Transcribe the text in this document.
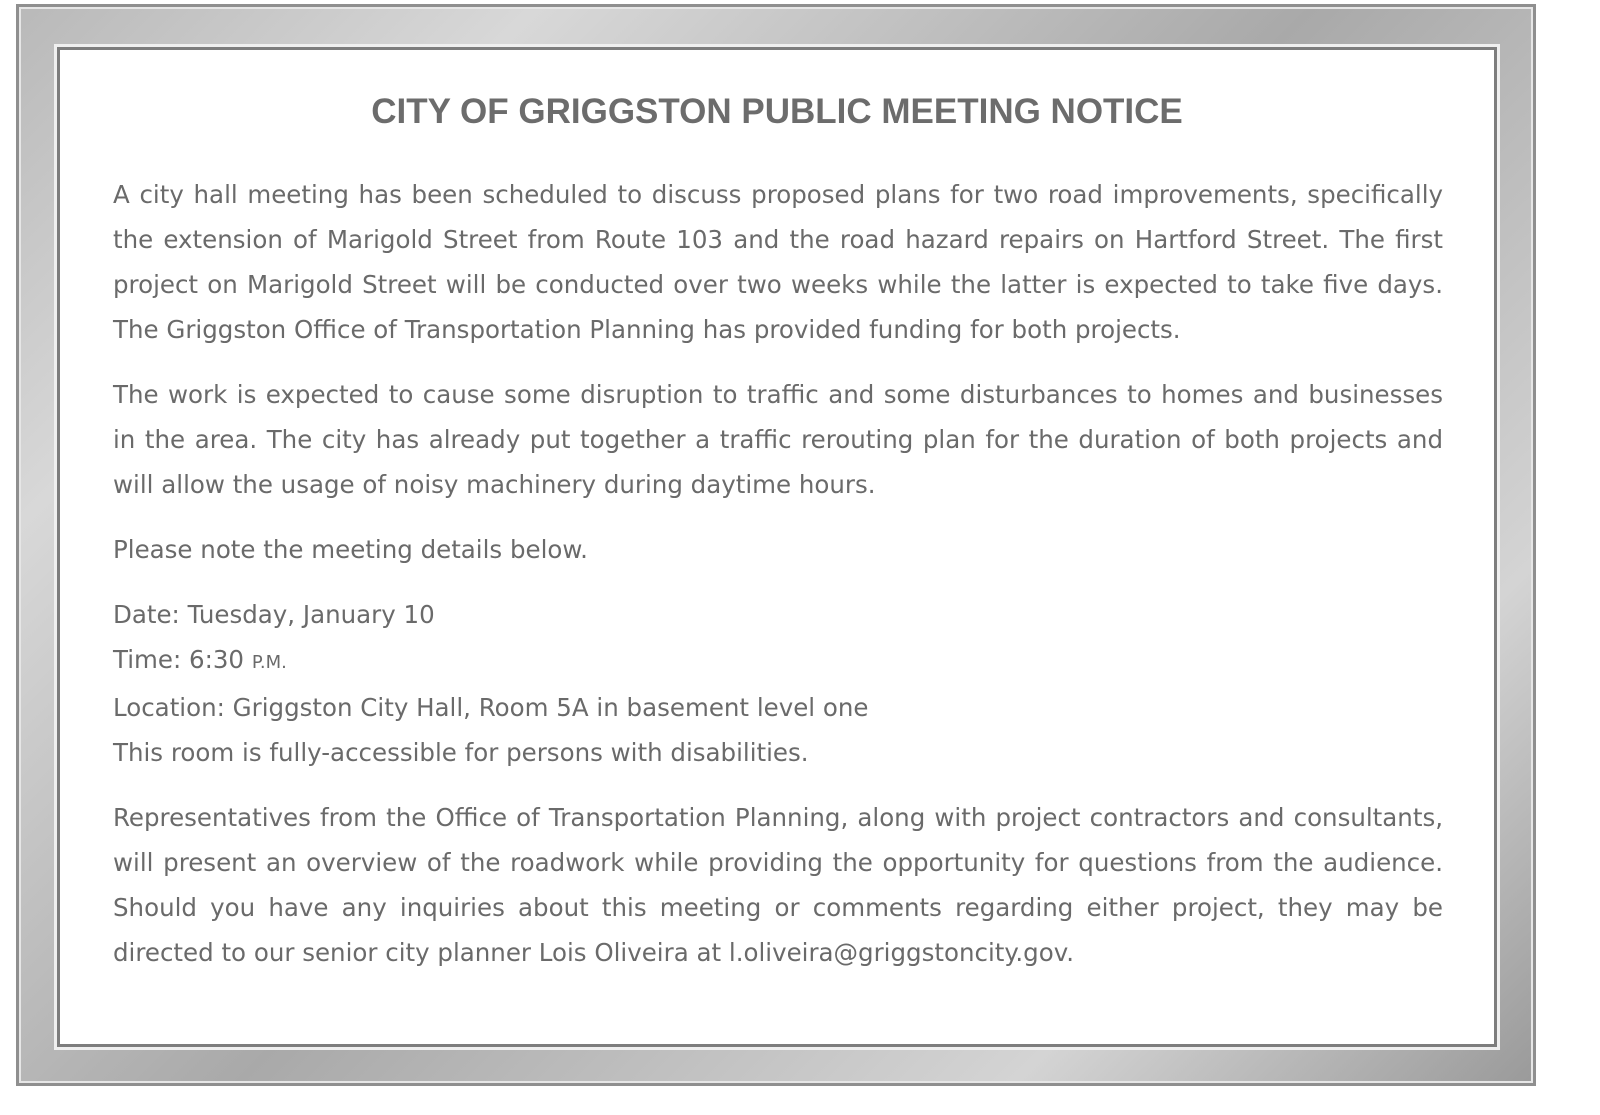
CITY OF GRIGGSTON PUBLIC MEETING NOTICE

A city hall meeting has been scheduled to discuss proposed plans for two road improvements, specifically the extension of Marigold Street from Route 103 and the road hazard repairs on Hartford Street. The first project on Marigold Street will be conducted over two weeks while the latter is expected to take five days. The Griggston Office of Transportation Planning has provided funding for both projects.

The work is expected to cause some disruption to traffic and some disturbances to homes and businesses in the area. The city has already put together a traffic rerouting plan for the duration of both projects and will allow the usage of noisy machinery during daytime hours.

Please note the meeting details below.

Date: Tuesday, January 10
Time: 6:30 P.M.
Location: Griggston City Hall, Room 5A in basement level one
This room is fully-accessible for persons with disabilities.

Representatives from the Office of Transportation Planning, along with project contractors and consultants, will present an overview of the roadwork while providing the opportunity for questions from the audience. Should you have any inquiries about this meeting or comments regarding either project, they may be directed to our senior city planner Lois Oliveira at l.oliveira@griggstoncity.gov.
